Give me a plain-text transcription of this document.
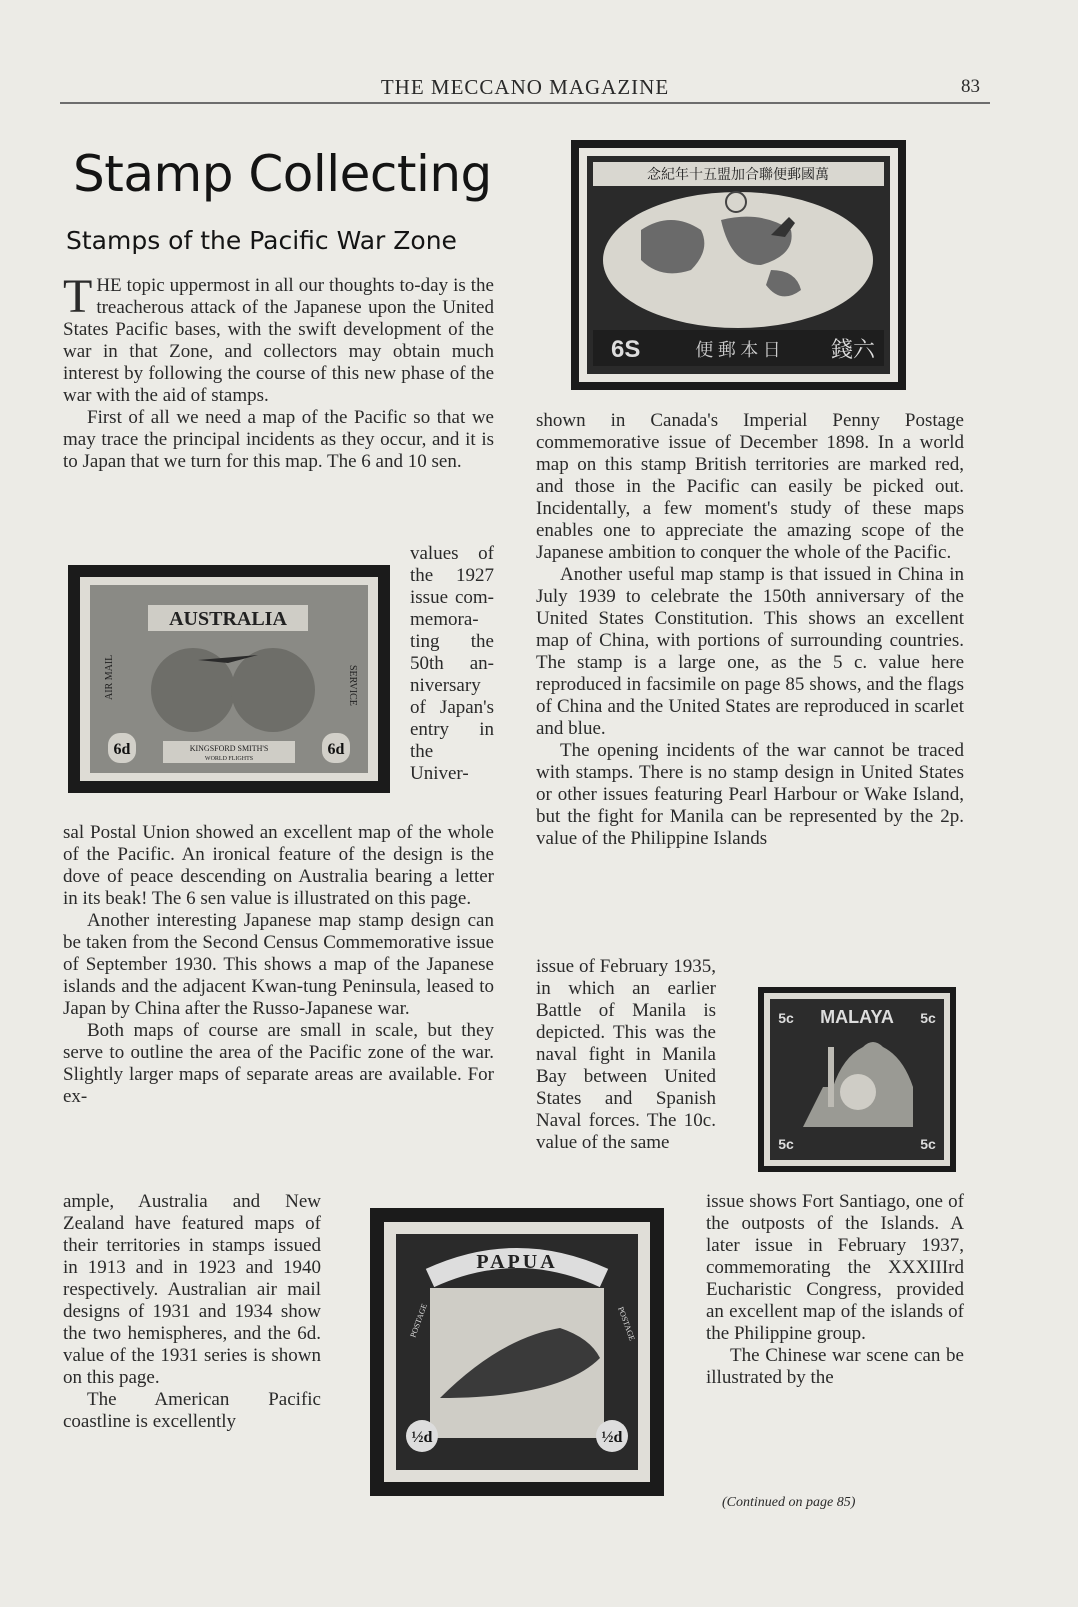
THE MECCANO MAGAZINE	83
Stamp Collecting
Stamps of the Pacific War Zone

THE topic uppermost in all our thoughts to-day is the treacherous attack of the Japanese upon the United States Pacific bases, with the swift development of the war in that Zone, and collectors may obtain much interest by following the course of this new phase of the war with the aid of stamps.

First of all we need a map of the Pacific so that we may trace the principal incidents as they occur, and it is to Japan that we turn for this map. The 6 and 10 sen.

values of the 1927 issue commemorating the 50th anniversary of Japan's entry in the Univer-

sal Postal Union showed an excellent map of the whole of the Pacific. An ironical feature of the design is the dove of peace descending on Australia bearing a letter in its beak! The 6 sen value is illustrated on this page.

Another interesting Japanese map stamp design can be taken from the Second Census Commemorative issue of September 1930. This shows a map of the Japanese islands and the adjacent Kwan-tung Peninsula, leased to Japan by China after the Russo-Japanese war.

Both maps of course are small in scale, but they serve to outline the area of the Pacific zone of the war. Slightly larger maps of separate areas are available. For ex-

ample, Australia and New Zealand have featured maps of their territories in stamps issued in 1913 and in 1923 and 1940 respectively. Australian air mail designs of 1931 and 1934 show the two hemispheres, and the 6d. value of the 1931 series is shown on this page.

The American Pacific coastline is excellently

shown in Canada's Imperial Penny Postage commemorative issue of December 1898. In a world map on this stamp British territories are marked red, and those in the Pacific can easily be picked out. Incidentally, a few moment's study of these maps enables one to appreciate the amazing scope of the Japanese ambition to conquer the whole of the Pacific.

Another useful map stamp is that issued in China in July 1939 to celebrate the 150th anniversary of the United States Constitution. This shows an excellent map of China, with portions of surrounding countries. The stamp is a large one, as the 5 c. value here reproduced in facsimile on page 85 shows, and the flags of China and the United States are reproduced in scarlet and blue.

The opening incidents of the war cannot be traced with stamps. There is no stamp design in United States or other issues featuring Pearl Harbour or Wake Island, but the fight for Manila can be represented by the 2p. value of the Philippine Islands

issue of February 1935, in which an earlier Battle of Manila is depicted. This was the naval fight in Manila Bay between United States and Spanish Naval forces. The 10c. value of the same

issue shows Fort Santiago, one of the outposts of the Islands. A later issue in February 1937, commemorating the XXXIIIrd Eucharistic Congress, provided an excellent map of the islands of the Philippine group.

The Chinese war scene can be illustrated by the

(Continued on page 85)
念紀年十五盟加合聯便郵國萬
6S	便 郵 本 日 錢六
AUSTRALIA
AIR MAIL	SERVICE
6d	6d
KINGSFORD SMITH'S
WORLD FLIGHTS
MALAYA
5c	5c
5c	5c
PAPUA
POSTAGE	POSTAGE
½d	½d
